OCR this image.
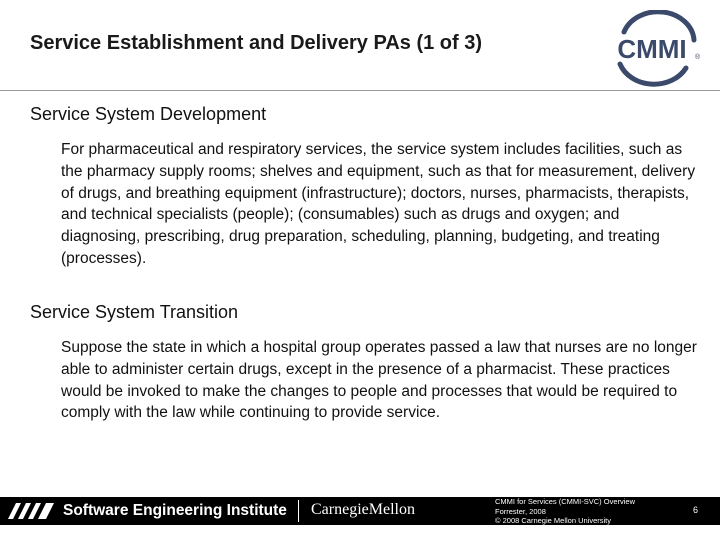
Service Establishment and Delivery PAs (1 of 3)	CMMI ®
Service System Development
For pharmaceutical and respiratory services, the service system includes facilities, such as the pharmacy supply rooms; shelves and equipment, such as that for measurement, delivery of drugs, and breathing equipment (infrastructure); doctors, nurses, pharmacists, therapists, and technical specialists (people); (consumables) such as drugs and oxygen; and diagnosing, prescribing, drug preparation, scheduling, planning, budgeting, and treating (processes).
Service System Transition
Suppose the state in which a hospital group operates passed a law that nurses are no longer able to administer certain drugs, except in the presence of a pharmacist. These practices would be invoked to make the changes to people and processes that would be required to comply with the law while continuing to provide service.
Software Engineering Institute CarnegieMellon	CMMI for Services (CMMI-SVC) Overview
Forrester, 2008
© 2008 Carnegie Mellon University
6
